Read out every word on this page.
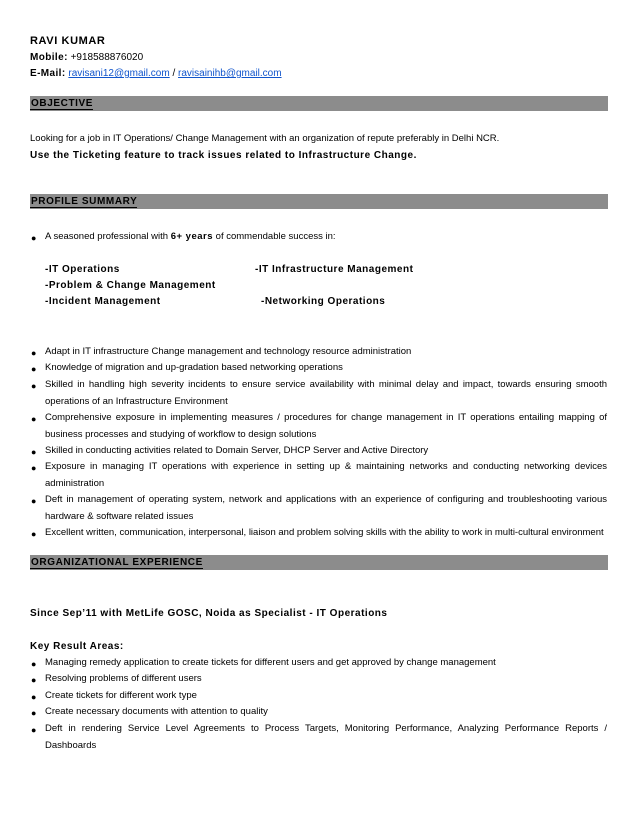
RAVI KUMAR
Mobile: +918588876020
E-Mail: ravisani12@gmail.com / ravisainihb@gmail.com
OBJECTIVE
Looking for a job in IT Operations/ Change Management with an organization of repute preferably in Delhi NCR.
Use the Ticketing feature to track issues related to Infrastructure Change.
PROFILE SUMMARY
● A seasoned professional with 6+ years of commendable success in:
-IT Operations	-IT Infrastructure Management
-Problem & Change Management
-Incident Management	-Networking Operations
● Adapt in IT infrastructure Change management and technology resource administration
● Knowledge of migration and up-gradation based networking operations
● Skilled in handling high severity incidents to ensure service availability with minimal delay and impact, towards ensuring smooth operations of an Infrastructure Environment
● Comprehensive exposure in implementing measures / procedures for change management in IT operations entailing mapping of business processes and studying of workflow to design solutions
● Skilled in conducting activities related to Domain Server, DHCP Server and Active Directory
● Exposure in managing IT operations with experience in setting up & maintaining networks and conducting networking devices administration
● Deft in management of operating system, network and applications with an experience of configuring and troubleshooting various hardware & software related issues
● Excellent written, communication, interpersonal, liaison and problem solving skills with the ability to work in multi-cultural environment
ORGANIZATIONAL EXPERIENCE
Since Sep’11 with MetLife GOSC, Noida as Specialist - IT Operations
Key Result Areas:
● Managing remedy application to create tickets for different users and get approved by change management
● Resolving problems of different users
● Create tickets for different work type
● Create necessary documents with attention to quality
● Deft in rendering Service Level Agreements to Process Targets, Monitoring Performance, Analyzing Performance Reports / Dashboards
